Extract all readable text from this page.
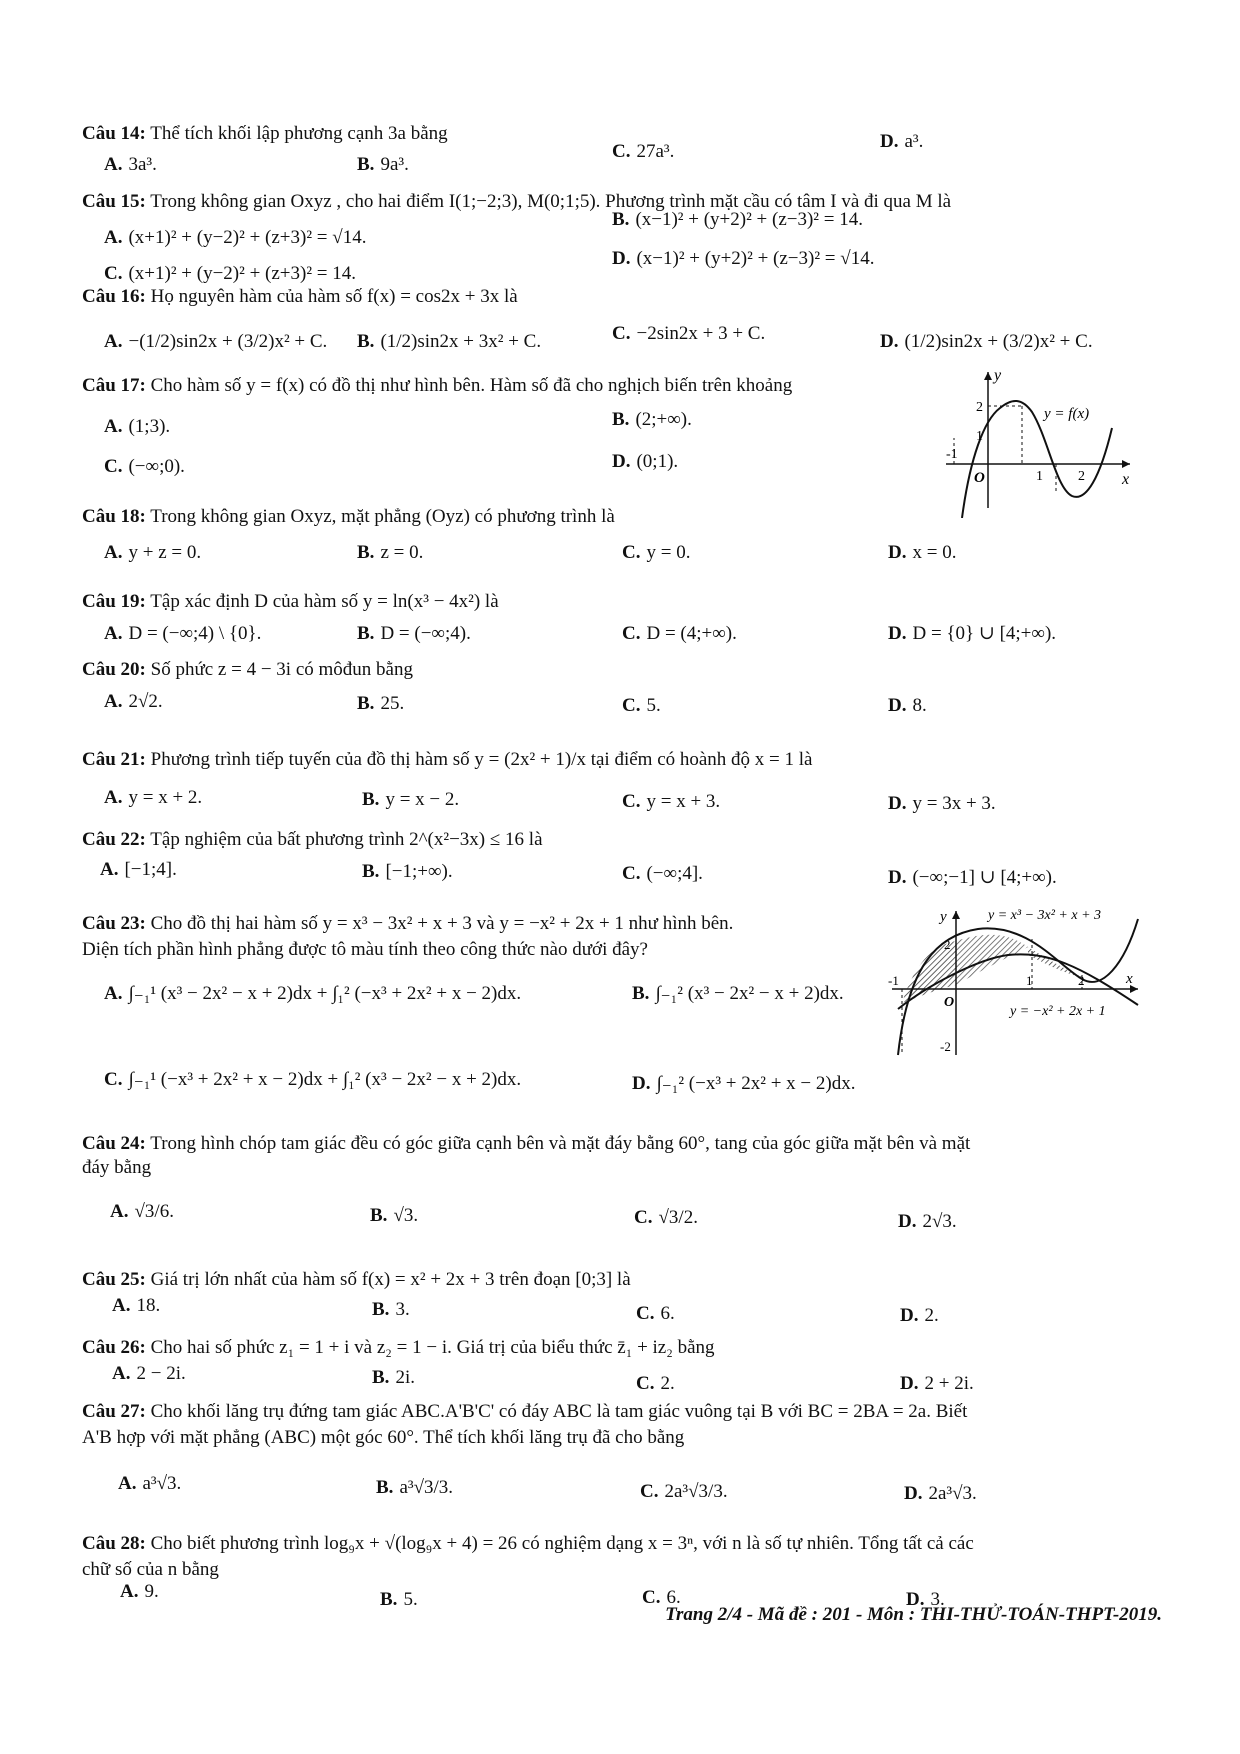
Câu 14: Thể tích khối lập phương cạnh 3a bằng
A. 3a³.	B. 9a³.
C. 27a³.	D. a³.
Câu 15: Trong không gian Oxyz , cho hai điểm I(1;−2;3), M(0;1;5). Phương trình mặt cầu có tâm I và đi qua M là
A. (x+1)² + (y−2)² + (z+3)² = √14.
B. (x−1)² + (y+2)² + (z−3)² = 14.
C. (x+1)² + (y−2)² + (z+3)² = 14.
D. (x−1)² + (y+2)² + (z−3)² = √14.
Câu 16: Họ nguyên hàm của hàm số f(x) = cos2x + 3x là
A. −(1/2)sin2x + (3/2)x² + C. B. (1/2)sin2x + 3x² + C.	C. −2sin2x + 3 + C.	D. (1/2)sin2x + (3/2)x² + C.
Câu 17: Cho hàm số y = f(x) có đồ thị như hình bên. Hàm số đã cho nghịch biến trên khoảng
A. (1;3).	B. (2;+∞).
C. (−∞;0).	D. (0;1).
y
x
O
2
1
-1
1	2
y = f(x)
Câu 18: Trong không gian Oxyz, mặt phẳng (Oyz) có phương trình là
A. y + z = 0.	B. z = 0.	C. y = 0.	D. x = 0.
Câu 19: Tập xác định D của hàm số y = ln(x³ − 4x²) là
A. D = (−∞;4) \ {0}.	B. D = (−∞;4).	C. D = (4;+∞).	D. D = {0} ∪ [4;+∞).
Câu 20: Số phức z = 4 − 3i có môđun bằng
A. 2√2.	B. 25.	C. 5.	D. 8.
Câu 21: Phương trình tiếp tuyến của đồ thị hàm số y = (2x² + 1)/x tại điểm có hoành độ x = 1 là
A. y = x + 2.	B. y = x − 2.	C. y = x + 3.	D. y = 3x + 3.
Câu 22: Tập nghiệm của bất phương trình 2^(x²−3x) ≤ 16 là
A. [−1;4].	B. [−1;+∞).	C. (−∞;4].	D. (−∞;−1] ∪ [4;+∞).
Câu 23: Cho đồ thị hai hàm số y = x³ − 3x² + x + 3 và y = −x² + 2x + 1 như hình bên.
Diện tích phần hình phẳng được tô màu tính theo công thức nào dưới đây?
A. ∫₋₁¹ (x³ − 2x² − x + 2)dx + ∫₁² (−x³ + 2x² + x − 2)dx.	B. ∫₋₁² (x³ − 2x² − x + 2)dx.
C. ∫₋₁¹ (−x³ + 2x² + x − 2)dx + ∫₁² (x³ − 2x² − x + 2)dx.	D. ∫₋₁² (−x³ + 2x² + x − 2)dx.
y
x
O
2
-1	1	2
-2
y = x³ − 3x² + x + 3
y = −x² + 2x + 1
Câu 24: Trong hình chóp tam giác đều có góc giữa cạnh bên và mặt đáy bằng 60°, tang của góc giữa mặt bên và mặt
đáy bằng
A. √3/6.	B. √3.	C. √3/2.	D. 2√3.
Câu 25: Giá trị lớn nhất của hàm số f(x) = x² + 2x + 3 trên đoạn [0;3] là
A. 18.	B. 3.	C. 6.	D. 2.
Câu 26: Cho hai số phức z₁ = 1 + i và z₂ = 1 − i. Giá trị của biểu thức z̄₁ + iz₂ bằng
A. 2 − 2i.	B. 2i.	C. 2.	D. 2 + 2i.
Câu 27: Cho khối lăng trụ đứng tam giác ABC.A'B'C' có đáy ABC là tam giác vuông tại B với BC = 2BA = 2a. Biết
A'B hợp với mặt phẳng (ABC) một góc 60°. Thể tích khối lăng trụ đã cho bằng
A. a³√3.	B. a³√3/3.	C. 2a³√3/3.	D. 2a³√3.
Câu 28: Cho biết phương trình log₉x + √(log₉x + 4) = 26 có nghiệm dạng x = 3ⁿ, với n là số tự nhiên. Tổng tất cả các
chữ số của n bằng
A. 9.	B. 5.	C. 6.	D. 3.
Trang 2/4 - Mã đề : 201 - Môn : THI-THỬ-TOÁN-THPT-2019.
